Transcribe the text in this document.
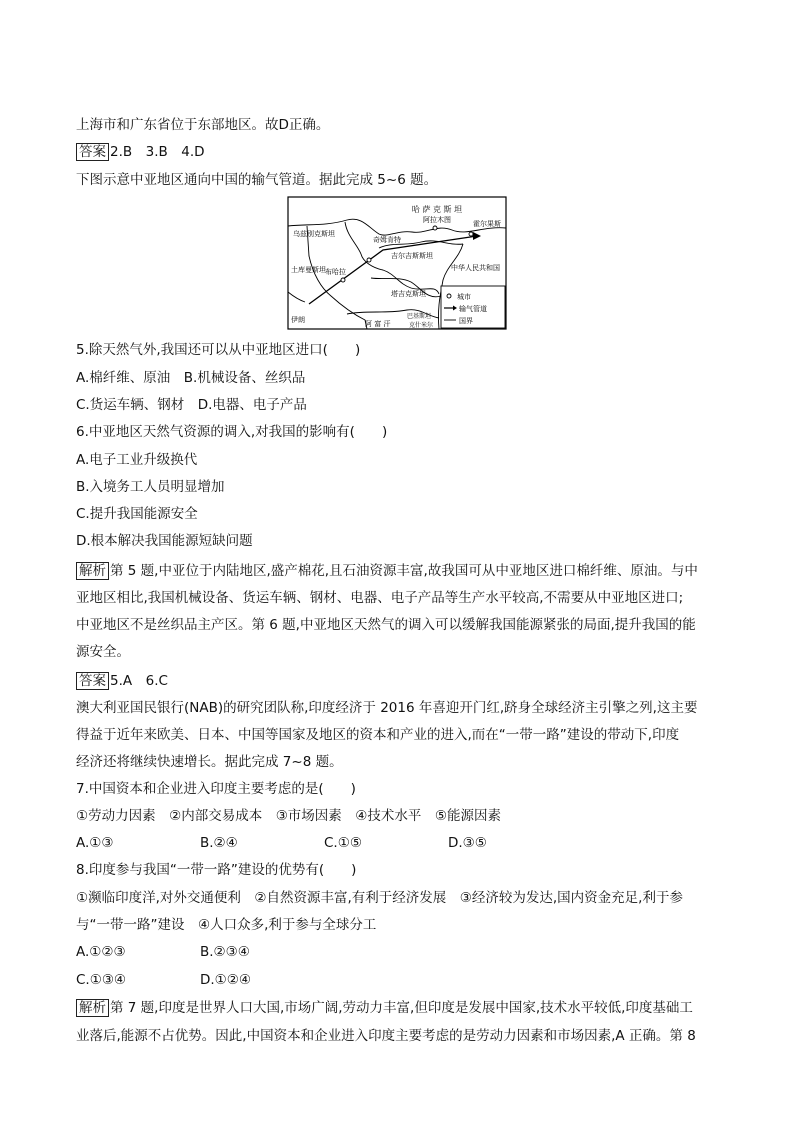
上海市和广东省位于东部地区。故D正确。
答案 2.B　3.B　4.D
下图示意中亚地区通向中国的输气管道。据此完成 5~6 题。
哈 萨 克 斯 坦
乌兹别克斯坦
奇姆肯特
阿拉木图	霍尔果斯
吉尔吉斯斯坦
土库曼斯坦 布哈拉
塔吉克斯坦
中华人民共和国
伊朗	阿 富 汗
巴基斯坦
克什米尔
城市
输气管道
国界
5.除天然气外,我国还可以从中亚地区进口(　　)
A.棉纤维、原油　 B.机械设备、丝织品
C.货运车辆、钢材　 D.电器、电子产品
6.中亚地区天然气资源的调入,对我国的影响有(　　)
A.电子工业升级换代
B.入境务工人员明显增加
C.提升我国能源安全
D.根本解决我国能源短缺问题
解析 第 5 题,中亚位于内陆地区,盛产棉花,且石油资源丰富,故我国可从中亚地区进口棉纤维、原油。与中
亚地区相比,我国机械设备、货运车辆、钢材、电器、电子产品等生产水平较高,不需要从中亚地区进口;
中亚地区不是丝织品主产区。第 6 题,中亚地区天然气的调入可以缓解我国能源紧张的局面,提升我国的能
源安全。
答案 5.A　6.C
澳大利亚国民银行(NAB)的研究团队称,印度经济于 2016 年喜迎开门红,跻身全球经济主引擎之列,这主要
得益于近年来欧美、日本、中国等国家及地区的资本和产业的进入,而在“一带一路”建设的带动下,印度
经济还将继续快速增长。据此完成 7~8 题。
7.中国资本和企业进入印度主要考虑的是(　　)
①劳动力因素　②内部交易成本　③市场因素　④技术水平　⑤能源因素
A.①③	B.②④	C.①⑤	D.③⑤
8.印度参与我国“一带一路”建设的优势有(　　)
①濒临印度洋,对外交通便利　②自然资源丰富,有利于经济发展　③经济较为发达,国内资金充足,利于参
与“一带一路”建设　④人口众多,利于参与全球分工
A.①②③	B.②③④
C.①③④	D.①②④
解析 第 7 题,印度是世界人口大国,市场广阔,劳动力丰富,但印度是发展中国家,技术水平较低,印度基础工
业落后,能源不占优势。因此,中国资本和企业进入印度主要考虑的是劳动力因素和市场因素,A 正确。第 8
